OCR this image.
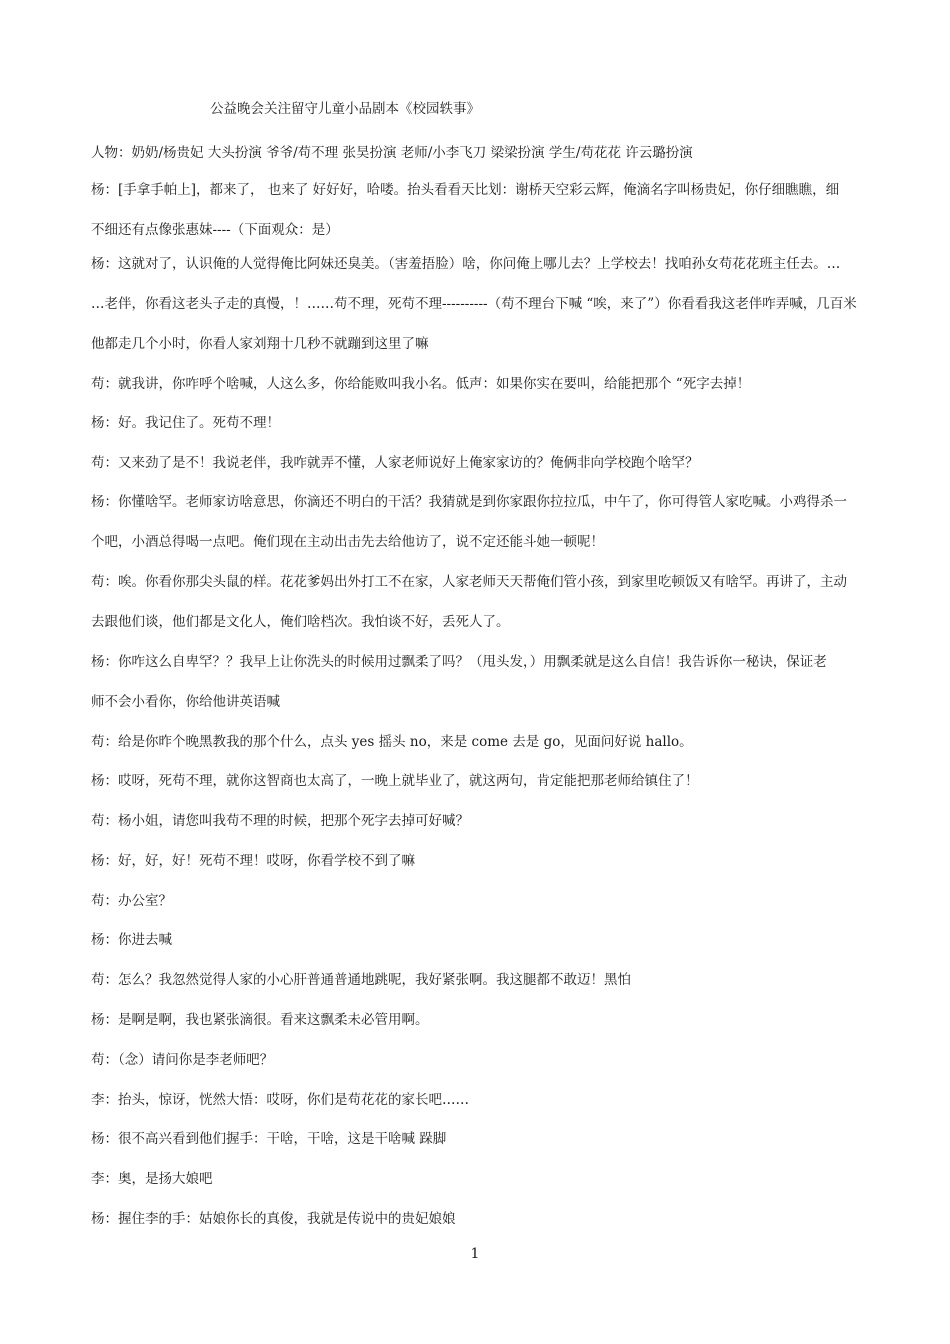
公益晚会关注留守儿童小品剧本《校园轶事》
人物：奶奶/杨贵妃 大头扮演 爷爷/苟不理 张昊扮演 老师/小李飞刀 梁梁扮演 学生/苟花花 许云璐扮演
杨：[手拿手帕上]，都来了， 也来了 好好好，哈喽。抬头看看天比划：谢桥天空彩云辉，俺滴名字叫杨贵妃，你仔细瞧瞧，细
不细还有点像张惠妹----（下面观众：是）
杨：这就对了，认识俺的人觉得俺比阿妹还臭美。（害羞捂脸）啥，你问俺上哪儿去？上学校去！找咱孙女苟花花班主任去。…
…老伴，你看这老头子走的真慢，！……苟不理，死苟不理----------（苟不理台下喊 “唉，来了”）你看看我这老伴咋弄喊，几百米
他都走几个小时，你看人家刘翔十几秒不就蹦到这里了嘛
苟：就我讲，你咋呼个啥喊，人这么多，你给能败叫我小名。低声：如果你实在要叫，给能把那个 “死字去掉！
杨：好。我记住了。死苟不理！
苟：又来劲了是不！我说老伴，我咋就弄不懂，人家老师说好上俺家家访的？俺俩非向学校跑个啥罕？
杨：你懂啥罕。老师家访啥意思，你滴还不明白的干活？我猜就是到你家跟你拉拉瓜，中午了，你可得管人家吃喊。小鸡得杀一
个吧，小酒总得喝一点吧。俺们现在主动出击先去给他访了，说不定还能斗她一顿呢！
苟：唉。你看你那尖头鼠的样。花花爹妈出外打工不在家，人家老师天天帮俺们管小孩，到家里吃顿饭又有啥罕。再讲了，主动
去跟他们谈，他们都是文化人，俺们啥档次。我怕谈不好，丢死人了。
杨：你咋这么自卑罕？？我早上让你洗头的时候用过飘柔了吗？（甩头发，）用飘柔就是这么自信！我告诉你一秘诀，保证老
师不会小看你，你给他讲英语喊
苟：给是你昨个晚黑教我的那个什么，点头 yes 摇头 no，来是 come 去是 go，见面问好说 hallo。
杨：哎呀，死苟不理，就你这智商也太高了，一晚上就毕业了，就这两句，肯定能把那老师给镇住了！
苟：杨小姐，请您叫我苟不理的时候，把那个死字去掉可好喊？
杨：好，好，好！死苟不理！哎呀，你看学校不到了嘛
苟：办公室？
杨：你进去喊
苟：怎么？我忽然觉得人家的小心肝普通普通地跳呢，我好紧张啊。我这腿都不敢迈！黑怕
杨：是啊是啊，我也紧张滴很。看来这飘柔未必管用啊。
苟：（念）请问你是李老师吧？
李：抬头，惊讶，恍然大悟：哎呀，你们是苟花花的家长吧……
杨：很不高兴看到他们握手：干啥，干啥，这是干啥喊 跺脚
李：奥，是扬大娘吧
杨：握住李的手：姑娘你长的真俊，我就是传说中的贵妃娘娘
1
